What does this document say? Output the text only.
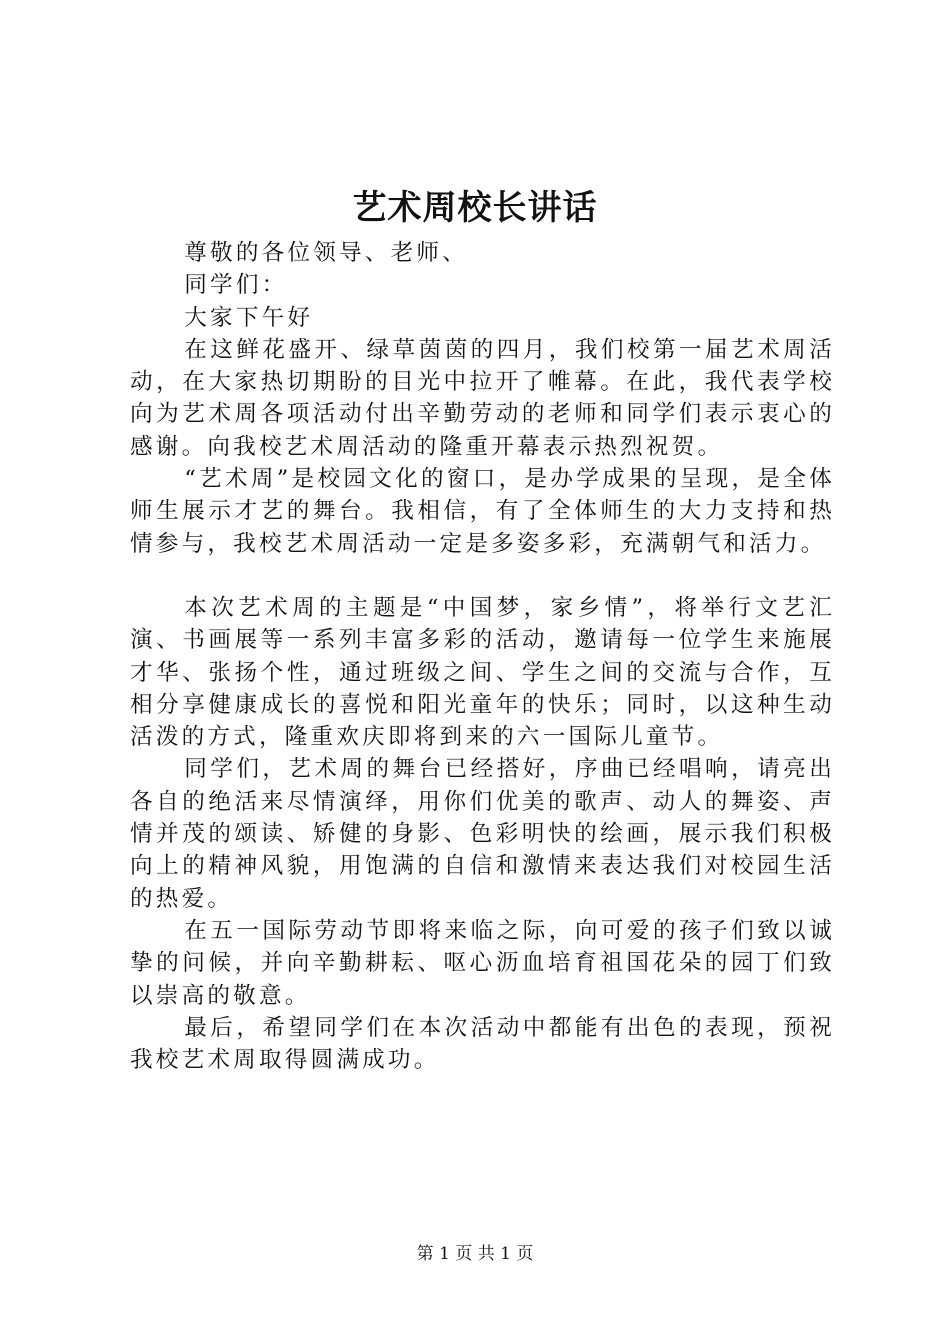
艺术周校长讲话

尊敬的各位领导、老师、

同学们：

大家下午好

在这鲜花盛开、绿草茵茵的四月，我们校第一届艺术周活动，在大家热切期盼的目光中拉开了帷幕。在此，我代表学校向为艺术周各项活动付出辛勤劳动的老师和同学们表示衷心的感谢。向我校艺术周活动的隆重开幕表示热烈祝贺。

“艺术周”是校园文化的窗口，是办学成果的呈现，是全体师生展示才艺的舞台。我相信，有了全体师生的大力支持和热情参与，我校艺术周活动一定是多姿多彩，充满朝气和活力。

本次艺术周的主题是“中国梦，家乡情”，将举行文艺汇演、书画展等一系列丰富多彩的活动，邀请每一位学生来施展才华、张扬个性，通过班级之间、学生之间的交流与合作，互相分享健康成长的喜悦和阳光童年的快乐；同时，以这种生动活泼的方式，隆重欢庆即将到来的六一国际儿童节。

同学们，艺术周的舞台已经搭好，序曲已经唱响，请亮出各自的绝活来尽情演绎，用你们优美的歌声、动人的舞姿、声情并茂的颂读、矫健的身影、色彩明快的绘画，展示我们积极向上的精神风貌，用饱满的自信和激情来表达我们对校园生活的热爱。

在五一国际劳动节即将来临之际，向可爱的孩子们致以诚挚的问候，并向辛勤耕耘、呕心沥血培育祖国花朵的园丁们致以崇高的敬意。

最后，希望同学们在本次活动中都能有出色的表现，预祝我校艺术周取得圆满成功。

第 1 页 共 1 页
